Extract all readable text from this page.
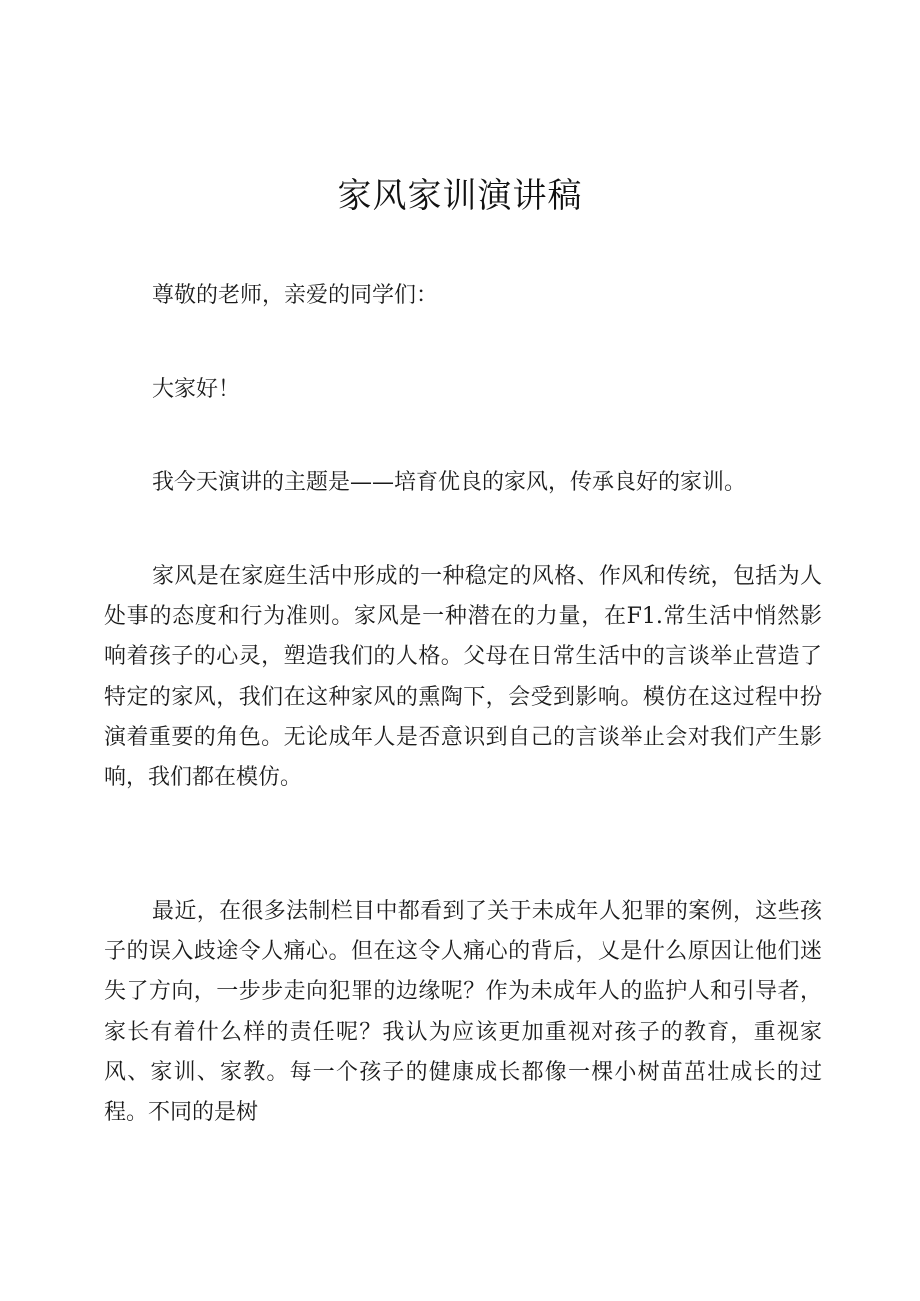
家风家训演讲稿

尊敬的老师，亲爱的同学们：

大家好！

我今天演讲的主题是——培育优良的家风，传承良好的家训。

家风是在家庭生活中形成的一种稳定的风格、作风和传统，包括为人处事的态度和行为准则。家风是一种潜在的力量，在F1.常生活中悄然影响着孩子的心灵，塑造我们的人格。父母在日常生活中的言谈举止营造了特定的家风，我们在这种家风的熏陶下，会受到影响。模仿在这过程中扮演着重要的角色。无论成年人是否意识到自己的言谈举止会对我们产生影响，我们都在模仿。

最近，在很多法制栏目中都看到了关于未成年人犯罪的案例，这些孩子的误入歧途令人痛心。但在这令人痛心的背后，乂是什么原因让他们迷失了方向，一步步走向犯罪的边缘呢？作为未成年人的监护人和引导者，家长有着什么样的责任呢？我认为应该更加重视对孩子的教育，重视家风、家训、家教。每一个孩子的健康成长都像一棵小树苗茁壮成长的过程。不同的是树
